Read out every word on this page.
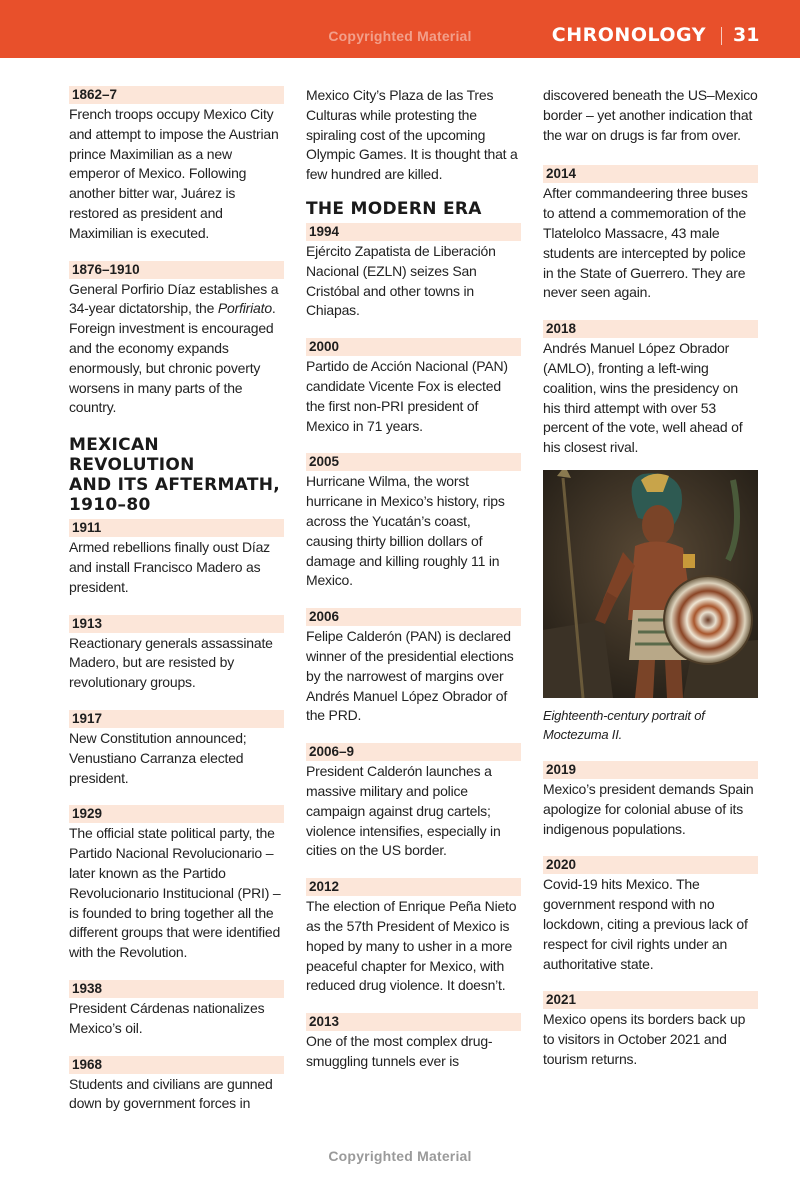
Copyrighted Material	CHRONOLOGY 31
1862–7
French troops occupy Mexico City and attempt to impose the Austrian prince Maximilian as a new emperor of Mexico. Following another bitter war, Juárez is restored as president and Maximilian is executed.
1876–1910
General Porfirio Díaz establishes a 34-year dictatorship, the Porfiriato. Foreign investment is encouraged and the economy expands enormously, but chronic poverty worsens in many parts of the country.
MEXICAN REVOLUTION
AND ITS AFTERMATH,
1910–80
1911
Armed rebellions finally oust Díaz and install Francisco Madero as president.
1913
Reactionary generals assassinate Madero, but are resisted by revolutionary groups.
1917
New Constitution announced; Venustiano Carranza elected president.
1929
The official state political party, the Partido Nacional Revolucionario – later known as the Partido Revolucionario Institucional (PRI) – is founded to bring together all the different groups that were identified with the Revolution.
1938
President Cárdenas nationalizes Mexico’s oil.
1968
Students and civilians are gunned down by government forces in
Mexico City’s Plaza de las Tres Culturas while protesting the spiraling cost of the upcoming Olympic Games. It is thought that a few hundred are killed.
THE MODERN ERA
1994
Ejército Zapatista de Liberación Nacional (EZLN) seizes San Cristóbal and other towns in Chiapas.
2000
Partido de Acción Nacional (PAN) candidate Vicente Fox is elected the first non-PRI president of Mexico in 71 years.
2005
Hurricane Wilma, the worst hurricane in Mexico’s history, rips across the Yucatán’s coast, causing thirty billion dollars of damage and killing roughly 11 in Mexico.
2006
Felipe Calderón (PAN) is declared winner of the presidential elections by the narrowest of margins over Andrés Manuel López Obrador of the PRD.
2006–9
President Calderón launches a massive military and police campaign against drug cartels; violence intensifies, especially in cities on the US border.
2012
The election of Enrique Peña Nieto as the 57th President of Mexico is hoped by many to usher in a more peaceful chapter for Mexico, with reduced drug violence. It doesn’t.
2013
One of the most complex drug-smuggling tunnels ever is
discovered beneath the US–Mexico border – yet another indication that the war on drugs is far from over.
2014
After commandeering three buses to attend a commemoration of the Tlatelolco Massacre, 43 male students are intercepted by police in the State of Guerrero. They are never seen again.
2018
Andrés Manuel López Obrador (AMLO), fronting a left-wing coalition, wins the presidency on his third attempt with over 53 percent of the vote, well ahead of his closest rival.
Eighteenth-century portrait of Moctezuma II.
2019
Mexico’s president demands Spain apologize for colonial abuse of its indigenous populations.
2020
Covid-19 hits Mexico. The government respond with no lockdown, citing a previous lack of respect for civil rights under an authoritative state.
2021
Mexico opens its borders back up to visitors in October 2021 and tourism returns.
Copyrighted Material
